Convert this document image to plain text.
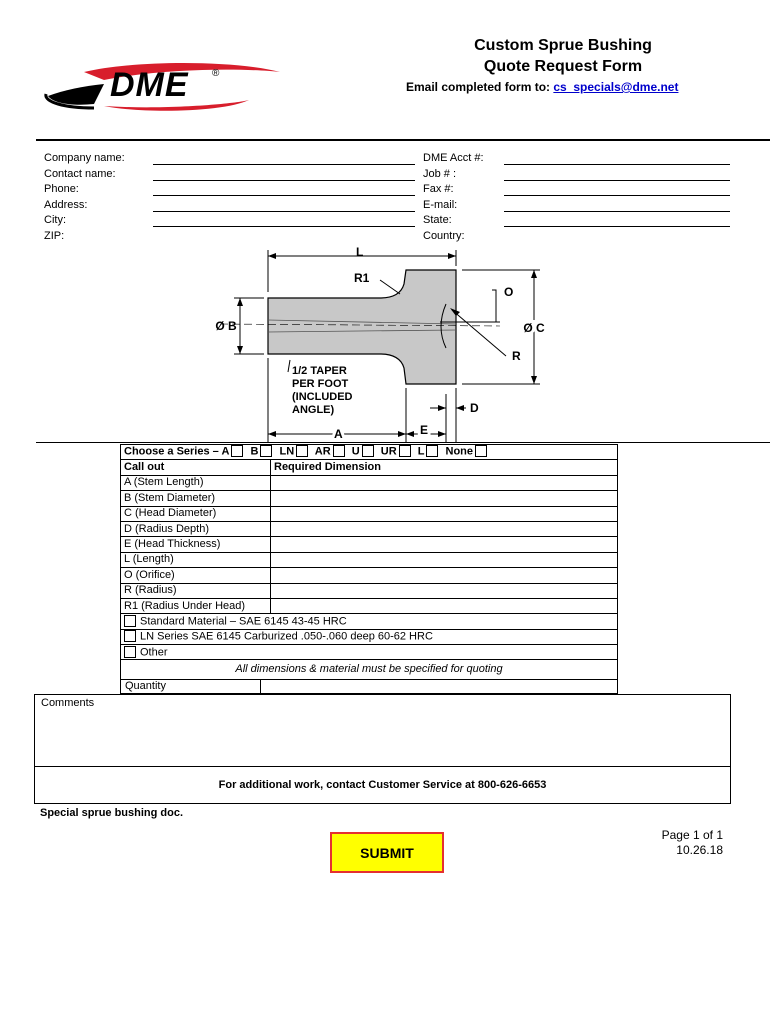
DME ®
Custom Sprue Bushing
Quote Request Form
Email completed form to: cs_specials@dme.net
Company name:
Contact name:
Phone:
Address:
City:
ZIP:
DME Acct #:
Job # :
Fax #:
E-mail:
State:
Country:
L
R1
O
Ø B	Ø C
R
D
A	E
1/2 TAPER
PER FOOT
(INCLUDED
ANGLE)
Choose a Series – A B LN AR U UR L None	
Call out	Required Dimension
A (Stem Length)	
B (Stem Diameter)	
C (Head Diameter)	
D (Radius Depth)	
E (Head Thickness)	
L (Length)	
O (Orifice)	
R (Radius)	
R1 (Radius Under Head)	
Standard Material – SAE 6145 43-45 HRC	
LN Series SAE 6145 Carburized .050-.060 deep 60-62 HRC	
Other	
All dimensions & material must be specified for quoting	
Quantity
Comments
For additional work, contact Customer Service at 800-626-6653
Special sprue bushing doc.
Page 1 of 1
10.26.18
SUBMIT
